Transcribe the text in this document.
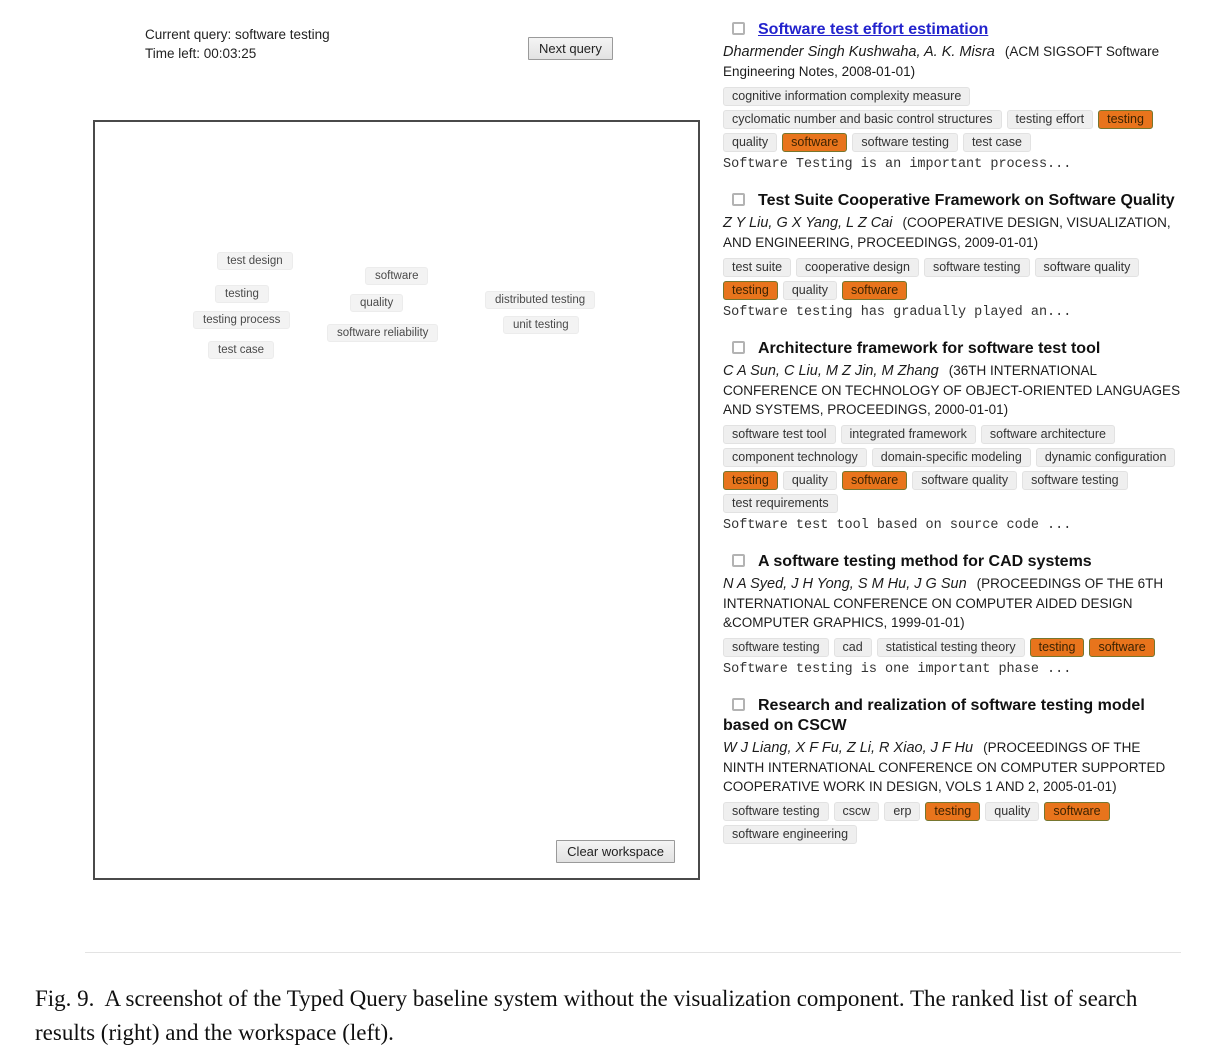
Current query: software testing
Time left: 00:03:25	Next query
Clear workspace
test design
testing
testing process
test case
software
quality
software reliability
distributed testing
unit testing
Software test effort estimation
Dharmender Singh Kushwaha, A. K. Misra (ACM SIGSOFT Software Engineering Notes, 2008-01-01)
cognitive information complexity measurecyclomatic number and basic control structures testing effort testingquality software software testing test case
Software Testing is an important process...
Test Suite Cooperative Framework on Software Quality
Z Y Liu, G X Yang, L Z Cai (COOPERATIVE DESIGN, VISUALIZATION, AND ENGINEERING, PROCEEDINGS, 2009-01-01)
test suite cooperative design software testing software qualitytesting quality software
Software testing has gradually played an...
Architecture framework for software test tool
C A Sun, C Liu, M Z Jin, M Zhang (36TH INTERNATIONAL CONFERENCE ON TECHNOLOGY OF OBJECT-ORIENTED LANGUAGES AND SYSTEMS, PROCEEDINGS, 2000-01-01)
software test tool integrated framework software architecturecomponent technology domain-specific modeling dynamic configurationtesting quality software software quality software testingtest requirements
Software test tool based on source code ...
A software testing method for CAD systems
N A Syed, J H Yong, S M Hu, J G Sun (PROCEEDINGS OF THE 6TH INTERNATIONAL CONFERENCE ON COMPUTER AIDED DESIGN &COMPUTER GRAPHICS, 1999-01-01)
software testing cad statistical testing theory testing software
Software testing is one important phase ...
Research and realization of software testing model based on CSCW
W J Liang, X F Fu, Z Li, R Xiao, J F Hu (PROCEEDINGS OF THE NINTH INTERNATIONAL CONFERENCE ON COMPUTER SUPPORTED COOPERATIVE WORK IN DESIGN, VOLS 1 AND 2, 2005-01-01)
software testing cscw erp testing quality softwaresoftware engineering
Fig. 9. A screenshot of the Typed Query baseline system without the visualization component. The ranked list of search results (right) and the workspace (left).
